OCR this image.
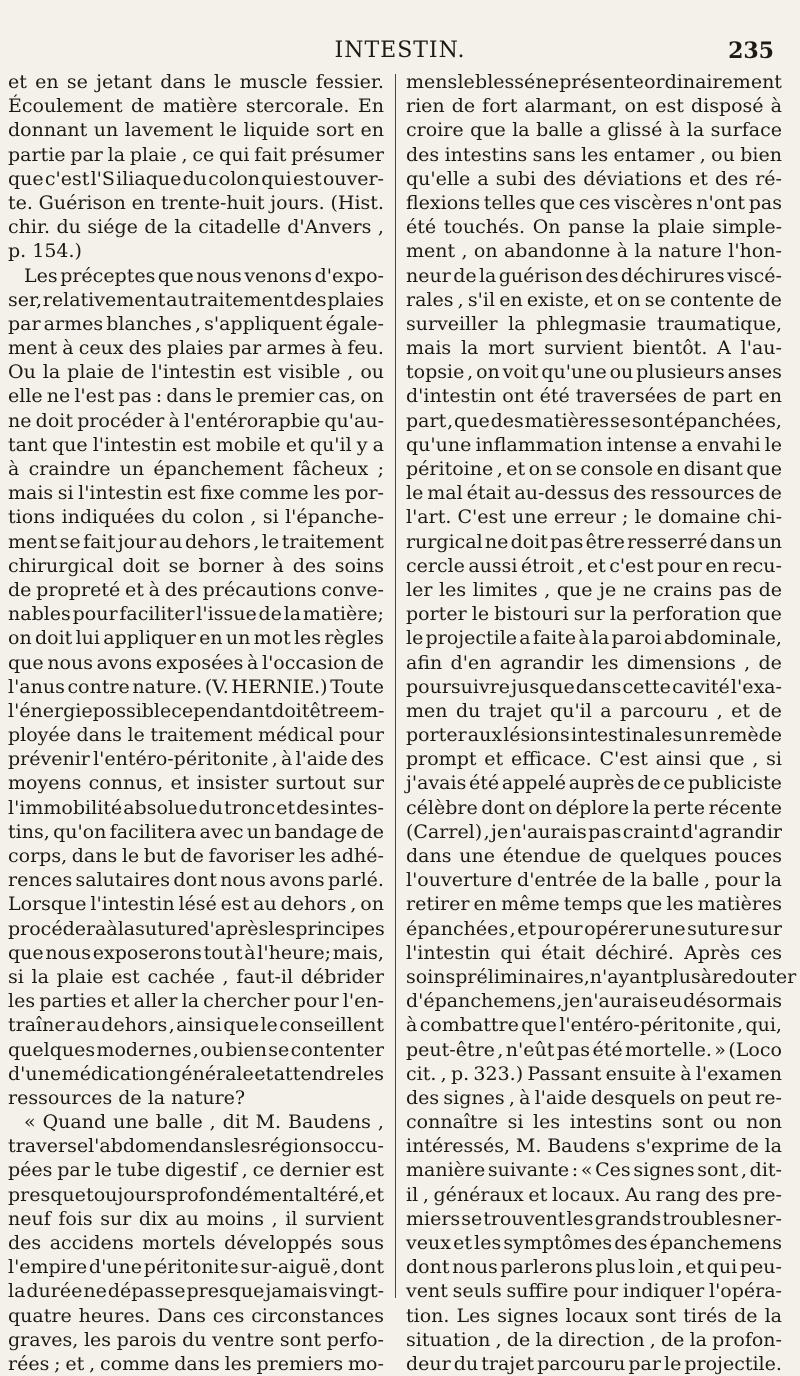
INTESTIN.	235
et en se jetant dans le muscle fessier.
Écoulement de matière stercorale. En
donnant un lavement le liquide sort en
partie par la plaie , ce qui fait présumer
que c'est l'S iliaque du colon qui est ouver-
te. Guérison en trente-huit jours. (Hist.
chir. du siége de la citadelle d'Anvers ,
p. 154.)
Les préceptes que nous venons d'expo-
ser, relativement au traitement des plaies
par armes blanches , s'appliquent égale-
ment à ceux des plaies par armes à feu.
Ou la plaie de l'intestin est visible , ou
elle ne l'est pas : dans le premier cas, on
ne doit procéder à l'entérorapbie qu'au-
tant que l'intestin est mobile et qu'il y a
à craindre un épanchement fâcheux ;
mais si l'intestin est fixe comme les por-
tions indiquées du colon , si l'épanche-
ment se fait jour au dehors , le traitement
chirurgical doit se borner à des soins
de propreté et à des précautions conve-
nables pour faciliter l'issue de la matière;
on doit lui appliquer en un mot les règles
que nous avons exposées à l'occasion de
l'anus contre nature. (V. HERNIE.) Toute
l'énergie possible cependant doit être em-
ployée dans le traitement médical pour
prévenir l'entéro-péritonite , à l'aide des
moyens connus, et insister surtout sur
l'immobilité absolue du tronc et des intes-
tins, qu'on facilitera avec un bandage de
corps, dans le but de favoriser les adhé-
rences salutaires dont nous avons parlé.
Lorsque l'intestin lésé est au dehors , on
procédera à la suture d'après les principes
que nous exposerons tout à l'heure; mais,
si la plaie est cachée , faut-il débrider
les parties et aller la chercher pour l'en-
traîner au dehors , ainsi que le conseillent
quelques modernes , ou bien se contenter
d'une médication générale et attendre les
ressources de la nature?
« Quand une balle , dit M. Baudens ,
traverse l'abdomen dans les régions occu-
pées par le tube digestif , ce dernier est
presque toujours profondément altéré , et
neuf fois sur dix au moins , il survient
des accidens mortels développés sous
l'empire d'une péritonite sur-aiguë , dont
la durée ne dépasse presque jamais vingt-
quatre heures. Dans ces circonstances
graves, les parois du ventre sont perfo-
rées ; et , comme dans les premiers mo-
mens le blessé ne présente ordinairement
rien de fort alarmant, on est disposé à
croire que la balle a glissé à la surface
des intestins sans les entamer , ou bien
qu'elle a subi des déviations et des ré-
flexions telles que ces viscères n'ont pas
été touchés. On panse la plaie simple-
ment , on abandonne à la nature l'hon-
neur de la guérison des déchirures viscé-
rales , s'il en existe, et on se contente de
surveiller la phlegmasie traumatique,
mais la mort survient bientôt. A l'au-
topsie , on voit qu'une ou plusieurs anses
d'intestin ont été traversées de part en
part , que des matières se sont épanchées,
qu'une inflammation intense a envahi le
péritoine , et on se console en disant que
le mal était au-dessus des ressources de
l'art. C'est une erreur ; le domaine chi-
rurgical ne doit pas être resserré dans un
cercle aussi étroit , et c'est pour en recu-
ler les limites , que je ne crains pas de
porter le bistouri sur la perforation que
le projectile a faite à la paroi abdominale,
afin d'en agrandir les dimensions , de
poursuivre jusque dans cette cavité l'exa-
men du trajet qu'il a parcouru , et de
porter aux lésions intestinales un remède
prompt et efficace. C'est ainsi que , si
j'avais été appelé auprès de ce publiciste
célèbre dont on déplore la perte récente
(Carrel) , je n'aurais pas craint d'agrandir
dans une étendue de quelques pouces
l'ouverture d'entrée de la balle , pour la
retirer en même temps que les matières
épanchées , et pour opérer une suture sur
l'intestin qui était déchiré. Après ces
soins préliminaires, n'ayant plus à redouter
d'épanchemens , je n'aurais eu désormais
à combattre que l'entéro-péritonite , qui,
peut-être , n'eût pas été mortelle. » (Loco
cit. , p. 323.) Passant ensuite à l'examen
des signes , à l'aide desquels on peut re-
connaître si les intestins sont ou non
intéressés, M. Baudens s'exprime de la
manière suivante : « Ces signes sont , dit-
il , généraux et locaux. Au rang des pre-
miers se trouvent les grands troubles ner-
veux et les symptômes des épanchemens
dont nous parlerons plus loin , et qui peu-
vent seuls suffire pour indiquer l'opéra-
tion. Les signes locaux sont tirés de la
situation , de la direction , de la profon-
deur du trajet parcouru par le projectile.
